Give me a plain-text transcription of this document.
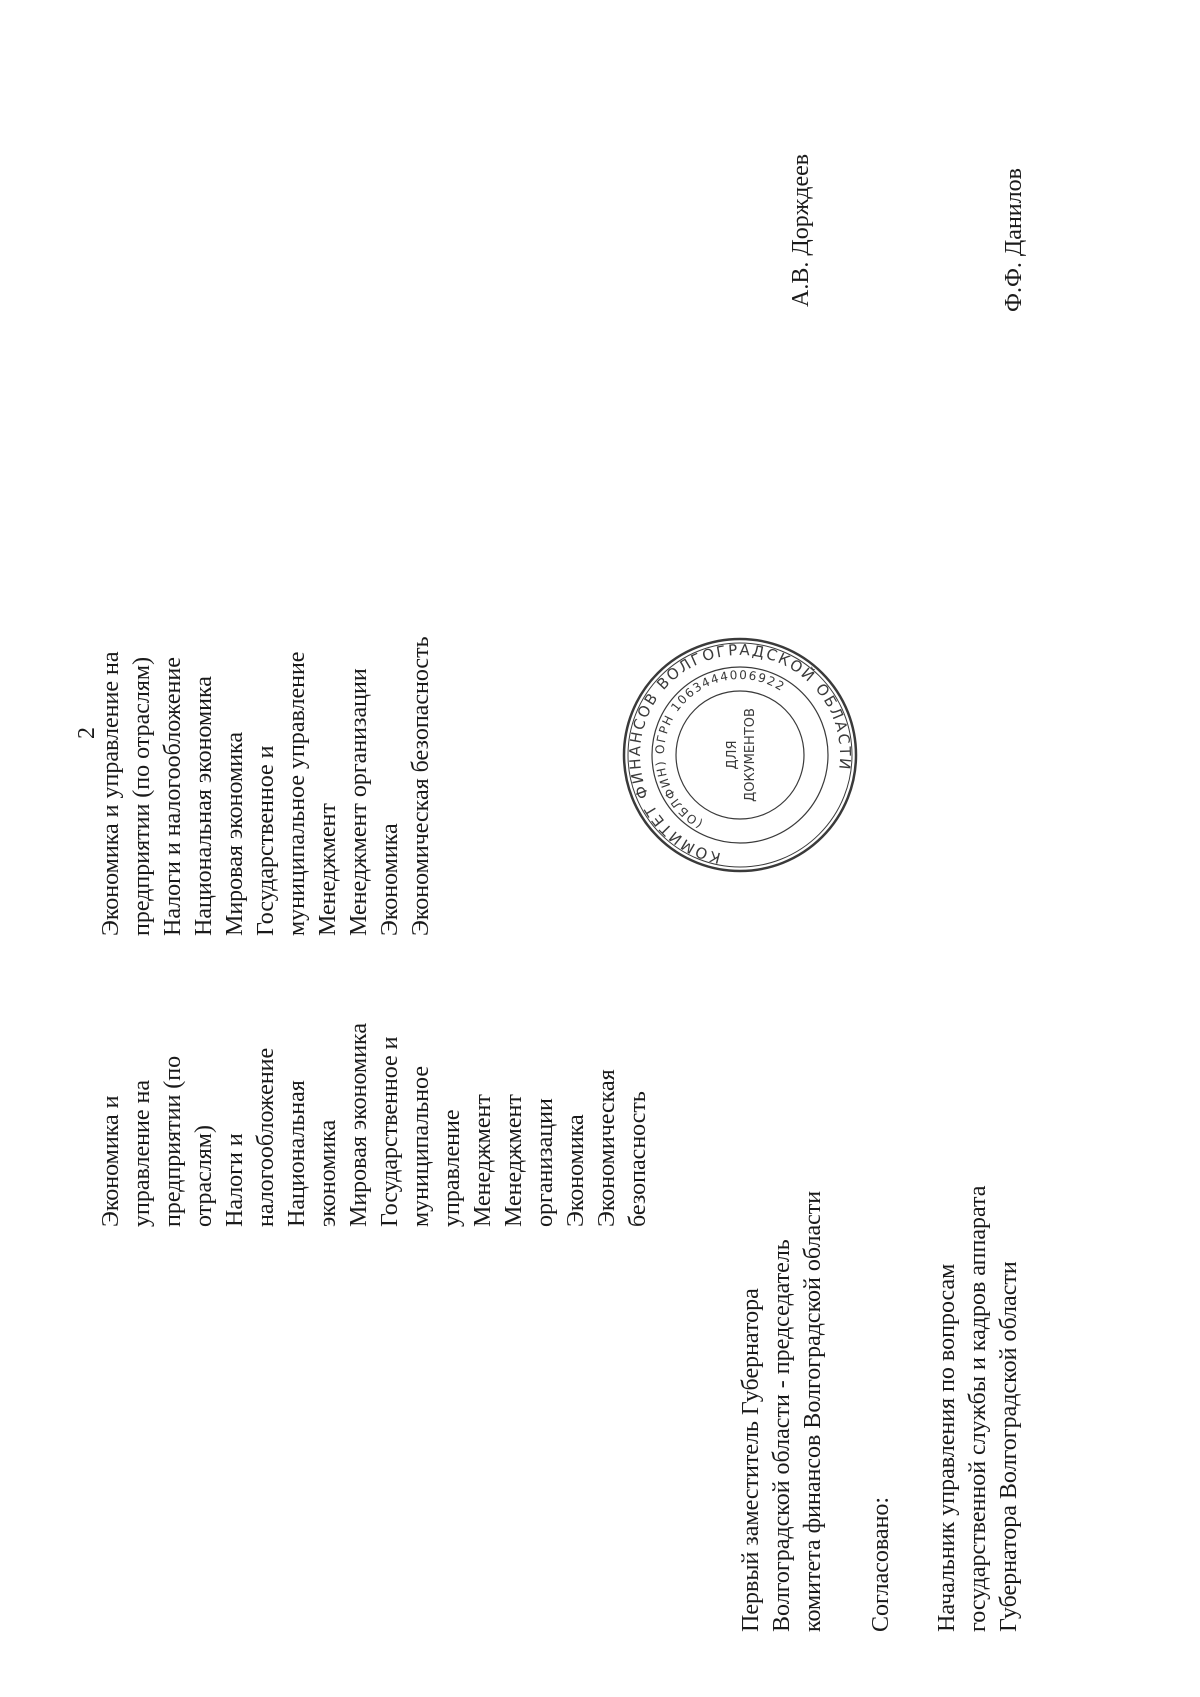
2
Экономика и управление на предприятии (по отраслям) Налоги и налогообложение Национальная экономика Мировая экономика Государственное и муниципальное управление Менеджмент Менеджмент организации Экономика Экономическая безопасность
Экономика и управление на предприятии (по отраслям) Налоги и налогообложение Национальная экономика Мировая экономика Государственное и муниципальное управление Менеджмент Менеджмент организации Экономика Экономическая безопасность
Первый заместитель Губернатора Волгоградской области - председатель комитета финансов Волгоградской области
А.В. Дорждеев
Согласовано: Начальник управления по вопросам государственной службы и кадров аппарата Губернатора Волгоградской области
Ф.Ф. Данилов
КОМИТЕТ ФИНАНСОВ ВОЛГОГРАДСКОЙ ОБЛАСТИ
(ОБЛФИН) ОГРН 1063444006922
ДЛЯ ДОКУМЕНТОВ
